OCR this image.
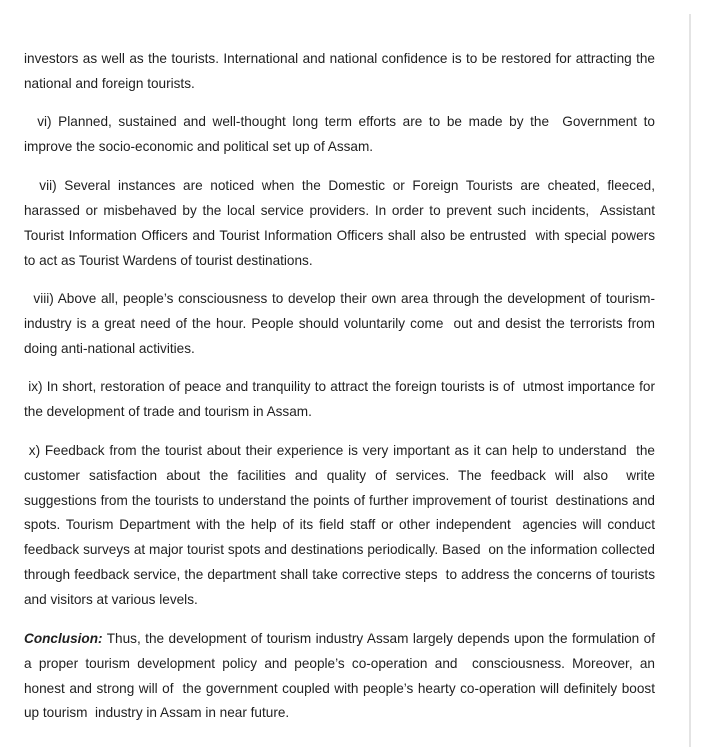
investors as well as the tourists. International and national confidence is to be restored for attracting the national and foreign tourists.

vi) Planned, sustained and well-thought long term efforts are to be made by the  Government to improve the socio-economic and political set up of Assam.

vii) Several instances are noticed when the Domestic or Foreign Tourists are cheated, fleeced, harassed or misbehaved by the local service providers. In order to prevent such incidents,  Assistant Tourist Information Officers and Tourist Information Officers shall also be entrusted  with special powers to act as Tourist Wardens of tourist destinations.

viii) Above all, people’s consciousness to develop their own area through the development of tourism-industry is a great need of the hour. People should voluntarily come  out and desist the terrorists from doing anti-national activities.

ix) In short, restoration of peace and tranquility to attract the foreign tourists is of  utmost importance for the development of trade and tourism in Assam.

x) Feedback from the tourist about their experience is very important as it can help to understand  the customer satisfaction about the facilities and quality of services. The feedback will also  write suggestions from the tourists to understand the points of further improvement of tourist  destinations and spots. Tourism Department with the help of its field staff or other independent  agencies will conduct feedback surveys at major tourist spots and destinations periodically. Based  on the information collected through feedback service, the department shall take corrective steps  to address the concerns of tourists and visitors at various levels.

Conclusion: Thus, the development of tourism industry Assam largely depends upon the formulation of a proper tourism development policy and people’s co-operation and  consciousness. Moreover, an honest and strong will of  the government coupled with people’s hearty co-operation will definitely boost up tourism  industry in Assam in near future.
